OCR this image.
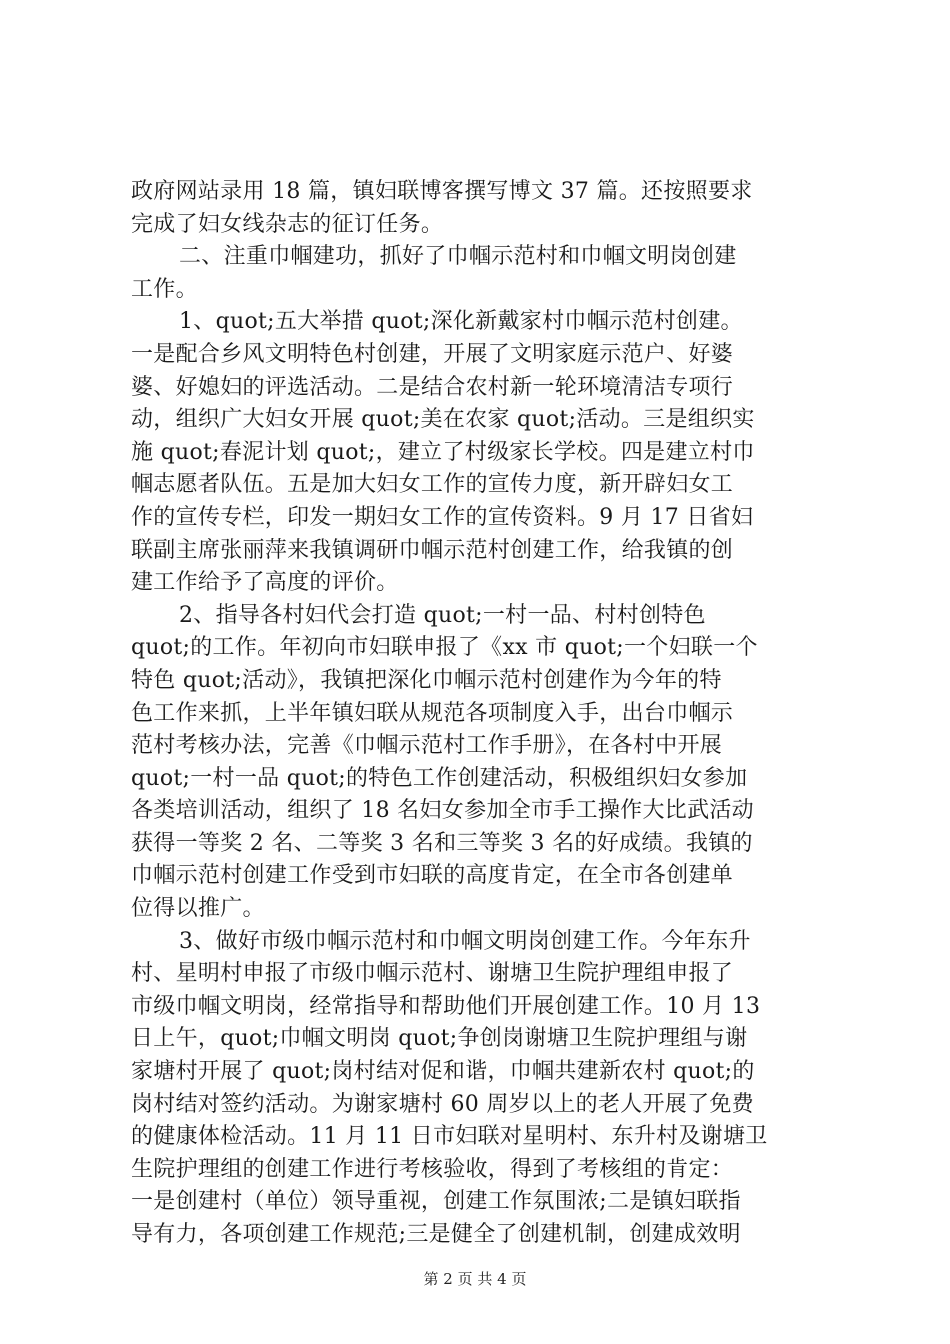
政府网站录用 18 篇，镇妇联博客撰写博文 37 篇。还按照要求
完成了妇女线杂志的征订任务。
二、注重巾帼建功，抓好了巾帼示范村和巾帼文明岗创建
工作。
1、quot;五大举措 quot;深化新戴家村巾帼示范村创建。
一是配合乡风文明特色村创建，开展了文明家庭示范户、好婆
婆、好媳妇的评选活动。二是结合农村新一轮环境清洁专项行
动，组织广大妇女开展 quot;美在农家 quot;活动。三是组织实
施 quot;春泥计划 quot;，建立了村级家长学校。四是建立村巾
帼志愿者队伍。五是加大妇女工作的宣传力度，新开辟妇女工
作的宣传专栏，印发一期妇女工作的宣传资料。9 月 17 日省妇
联副主席张丽萍来我镇调研巾帼示范村创建工作，给我镇的创
建工作给予了高度的评价。
2、指导各村妇代会打造 quot;一村一品、村村创特色
quot;的工作。年初向市妇联申报了《xx 市 quot;一个妇联一个
特色 quot;活动》，我镇把深化巾帼示范村创建作为今年的特
色工作来抓，上半年镇妇联从规范各项制度入手，出台巾帼示
范村考核办法，完善《巾帼示范村工作手册》，在各村中开展
quot;一村一品 quot;的特色工作创建活动，积极组织妇女参加
各类培训活动，组织了 18 名妇女参加全市手工操作大比武活动
获得一等奖 2 名、二等奖 3 名和三等奖 3 名的好成绩。我镇的
巾帼示范村创建工作受到市妇联的高度肯定，在全市各创建单
位得以推广。
3、做好市级巾帼示范村和巾帼文明岗创建工作。今年东升
村、星明村申报了市级巾帼示范村、谢塘卫生院护理组申报了
市级巾帼文明岗，经常指导和帮助他们开展创建工作。10 月 13
日上午，quot;巾帼文明岗 quot;争创岗谢塘卫生院护理组与谢
家塘村开展了 quot;岗村结对促和谐，巾帼共建新农村 quot;的
岗村结对签约活动。为谢家塘村 60 周岁以上的老人开展了免费
的健康体检活动。11 月 11 日市妇联对星明村、东升村及谢塘卫
生院护理组的创建工作进行考核验收，得到了考核组的肯定：
一是创建村（单位）领导重视，创建工作氛围浓;二是镇妇联指
导有力，各项创建工作规范;三是健全了创建机制，创建成效明
第 2 页 共 4 页
